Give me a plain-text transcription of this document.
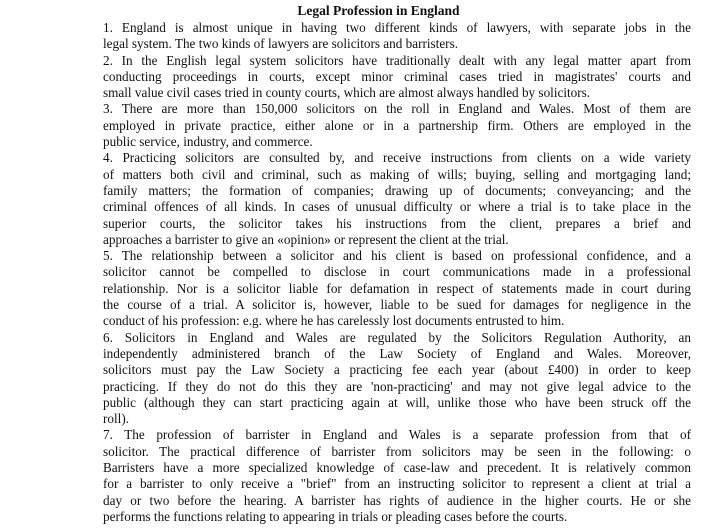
Legal Profession in England
1. England is almost unique in having two different kinds of lawyers, with separate jobs in the
legal system. The two kinds of lawyers are solicitors and barristers.
2. In the English legal system solicitors have traditionally dealt with any legal matter apart from
conducting proceedings in courts, except minor criminal cases tried in magistrates' courts and
small value civil cases tried in county courts, which are almost always handled by solicitors.
3. There are more than 150,000 solicitors on the roll in England and Wales. Most of them are
employed in private practice, either alone or in a partnership firm. Others are employed in the
public service, industry, and commerce.
4. Practicing solicitors are consulted by, and receive instructions from clients on a wide variety
of matters both civil and criminal, such as making of wills; buying, selling and mortgaging land;
family matters; the formation of companies; drawing up of documents; conveyancing; and the
criminal offences of all kinds. In cases of unusual difficulty or where a trial is to take place in the
superior courts, the solicitor takes his instructions from the client, prepares a brief and
approaches a barrister to give an «opinion» or represent the client at the trial.
5. The relationship between a solicitor and his client is based on professional confidence, and a
solicitor cannot be compelled to disclose in court communications made in a professional
relationship. Nor is a solicitor liable for defamation in respect of statements made in court during
the course of a trial. A solicitor is, however, liable to be sued for damages for negligence in the
conduct of his profession: e.g. where he has carelessly lost documents entrusted to him.
6. Solicitors in England and Wales are regulated by the Solicitors Regulation Authority, an
independently administered branch of the Law Society of England and Wales. Moreover,
solicitors must pay the Law Society a practicing fee each year (about £400) in order to keep
practicing. If they do not do this they are 'non-practicing' and may not give legal advice to the
public (although they can start practicing again at will, unlike those who have been struck off the
roll).
7. The profession of barrister in England and Wales is a separate profession from that of
solicitor. The practical difference of barrister from solicitors may be seen in the following: o
Barristers have a more specialized knowledge of case-law and precedent. It is relatively common
for a barrister to only receive a "brief" from an instructing solicitor to represent a client at trial a
day or two before the hearing. A barrister has rights of audience in the higher courts. He or she
performs the functions relating to appearing in trials or pleading cases before the courts.
